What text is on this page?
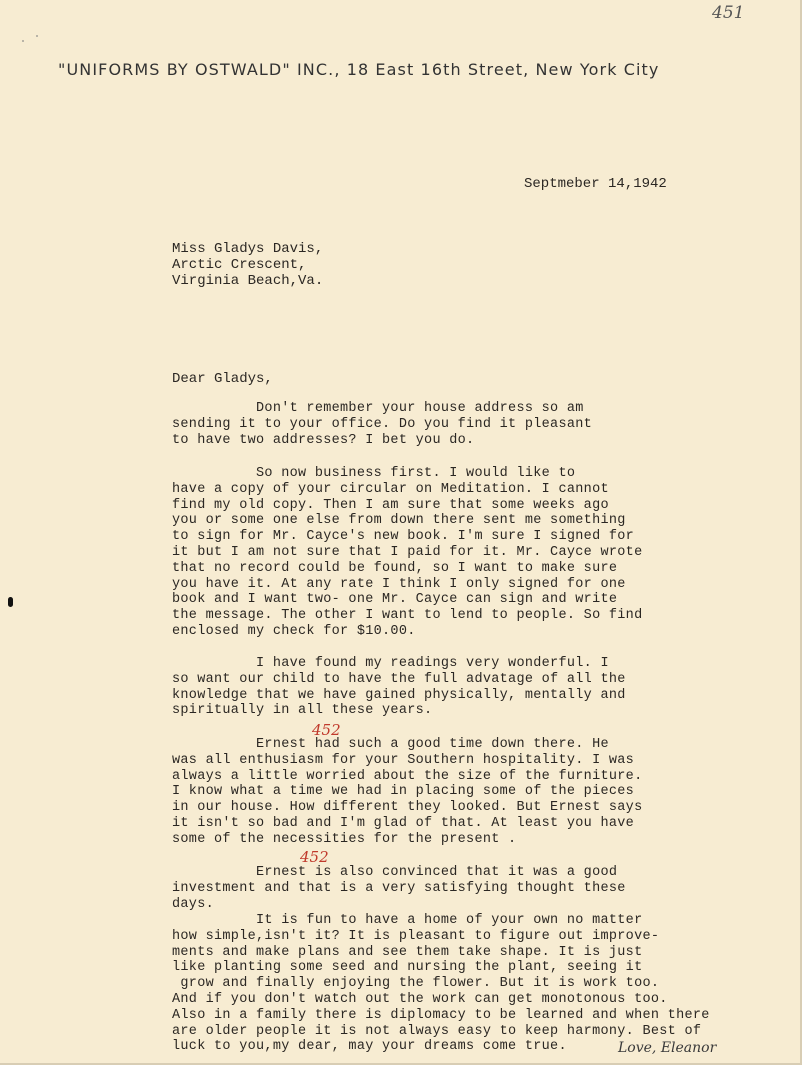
451
"UNIFORMS BY OSTWALD" INC., 18 East 16th Street, New York City
Septmeber 14,1942
Miss Gladys Davis,
Arctic Crescent,
Virginia Beach,Va.
Dear Gladys,
Don't remember your house address so am
sending it to your office. Do you find it pleasant
to have two addresses? I bet you do.
So now business first. I would like to
have a copy of your circular on Meditation. I cannot
find my old copy. Then I am sure that some weeks ago
you or some one else from down there sent me something
to sign for Mr. Cayce's new book. I'm sure I signed for
it but I am not sure that I paid for it. Mr. Cayce wrote
that no record could be found, so I want to make sure
you have it. At any rate I think I only signed for one
book and I want two- one Mr. Cayce can sign and write
the message. The other I want to lend to people. So find
enclosed my check for $10.00.
I have found my readings very wonderful. I
so want our child to have the full advatage of all the
knowledge that we have gained physically, mentally and
spiritually in all these years.
452
Ernest had such a good time down there. He
was all enthusiasm for your Southern hospitality. I was
always a little worried about the size of the furniture.
I know what a time we had in placing some of the pieces
in our house. How different they looked. But Ernest says
it isn't so bad and I'm glad of that. At least you have
some of the necessities for the present .
452
Ernest is also convinced that it was a good
investment and that is a very satisfying thought these
days.
It is fun to have a home of your own no matter
how simple,isn't it? It is pleasant to figure out improve-
ments and make plans and see them take shape. It is just
like planting some seed and nursing the plant, seeing it
grow and finally enjoying the flower. But it is work too.
And if you don't watch out the work can get monotonous too.
Also in a family there is diplomacy to be learned and when there
are older people it is not always easy to keep harmony. Best of
luck to you,my dear, may your dreams come true.	Love, Eleanor
